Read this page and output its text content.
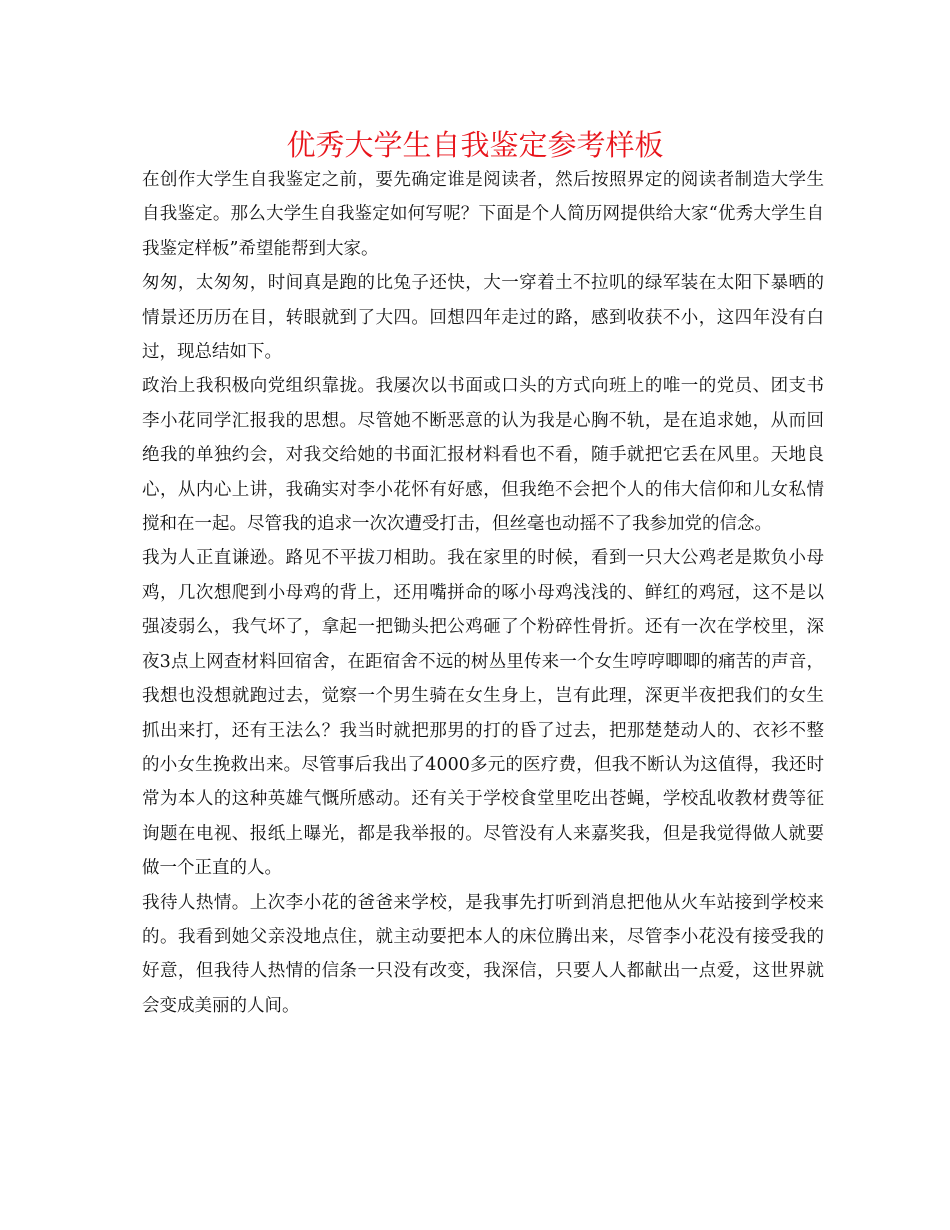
优秀大学生自我鉴定参考样板

在创作大学生自我鉴定之前，要先确定谁是阅读者，然后按照界定的阅读者制造大学生自我鉴定。那么大学生自我鉴定如何写呢？下面是个人简历网提供给大家“优秀大学生自我鉴定样板”希望能帮到大家。

匆匆，太匆匆，时间真是跑的比兔子还快，大一穿着土不拉叽的绿军装在太阳下暴晒的情景还历历在目，转眼就到了大四。回想四年走过的路，感到收获不小，这四年没有白过，现总结如下。

政治上我积极向党组织靠拢。我屡次以书面或口头的方式向班上的唯一的党员、团支书李小花同学汇报我的思想。尽管她不断恶意的认为我是心胸不轨，是在追求她，从而回绝我的单独约会，对我交给她的书面汇报材料看也不看，随手就把它丢在风里。天地良心，从内心上讲，我确实对李小花怀有好感，但我绝不会把个人的伟大信仰和儿女私情搅和在一起。尽管我的追求一次次遭受打击，但丝毫也动摇不了我参加党的信念。

我为人正直谦逊。路见不平拔刀相助。我在家里的时候，看到一只大公鸡老是欺负小母鸡，几次想爬到小母鸡的背上，还用嘴拼命的啄小母鸡浅浅的、鲜红的鸡冠，这不是以强凌弱么，我气坏了，拿起一把锄头把公鸡砸了个粉碎性骨折。还有一次在学校里，深夜3点上网查材料回宿舍，在距宿舍不远的树丛里传来一个女生哼哼唧唧的痛苦的声音，我想也没想就跑过去，觉察一个男生骑在女生身上，岂有此理，深更半夜把我们的女生抓出来打，还有王法么？我当时就把那男的打的昏了过去，把那楚楚动人的、衣衫不整的小女生挽救出来。尽管事后我出了4000多元的医疗费，但我不断认为这值得，我还时常为本人的这种英雄气慨所感动。还有关于学校食堂里吃出苍蝇，学校乱收教材费等征询题在电视、报纸上曝光，都是我举报的。尽管没有人来嘉奖我，但是我觉得做人就要做一个正直的人。

我待人热情。上次李小花的爸爸来学校，是我事先打听到消息把他从火车站接到学校来的。我看到她父亲没地点住，就主动要把本人的床位腾出来，尽管李小花没有接受我的好意，但我待人热情的信条一只没有改变，我深信，只要人人都献出一点爱，这世界就会变成美丽的人间。
